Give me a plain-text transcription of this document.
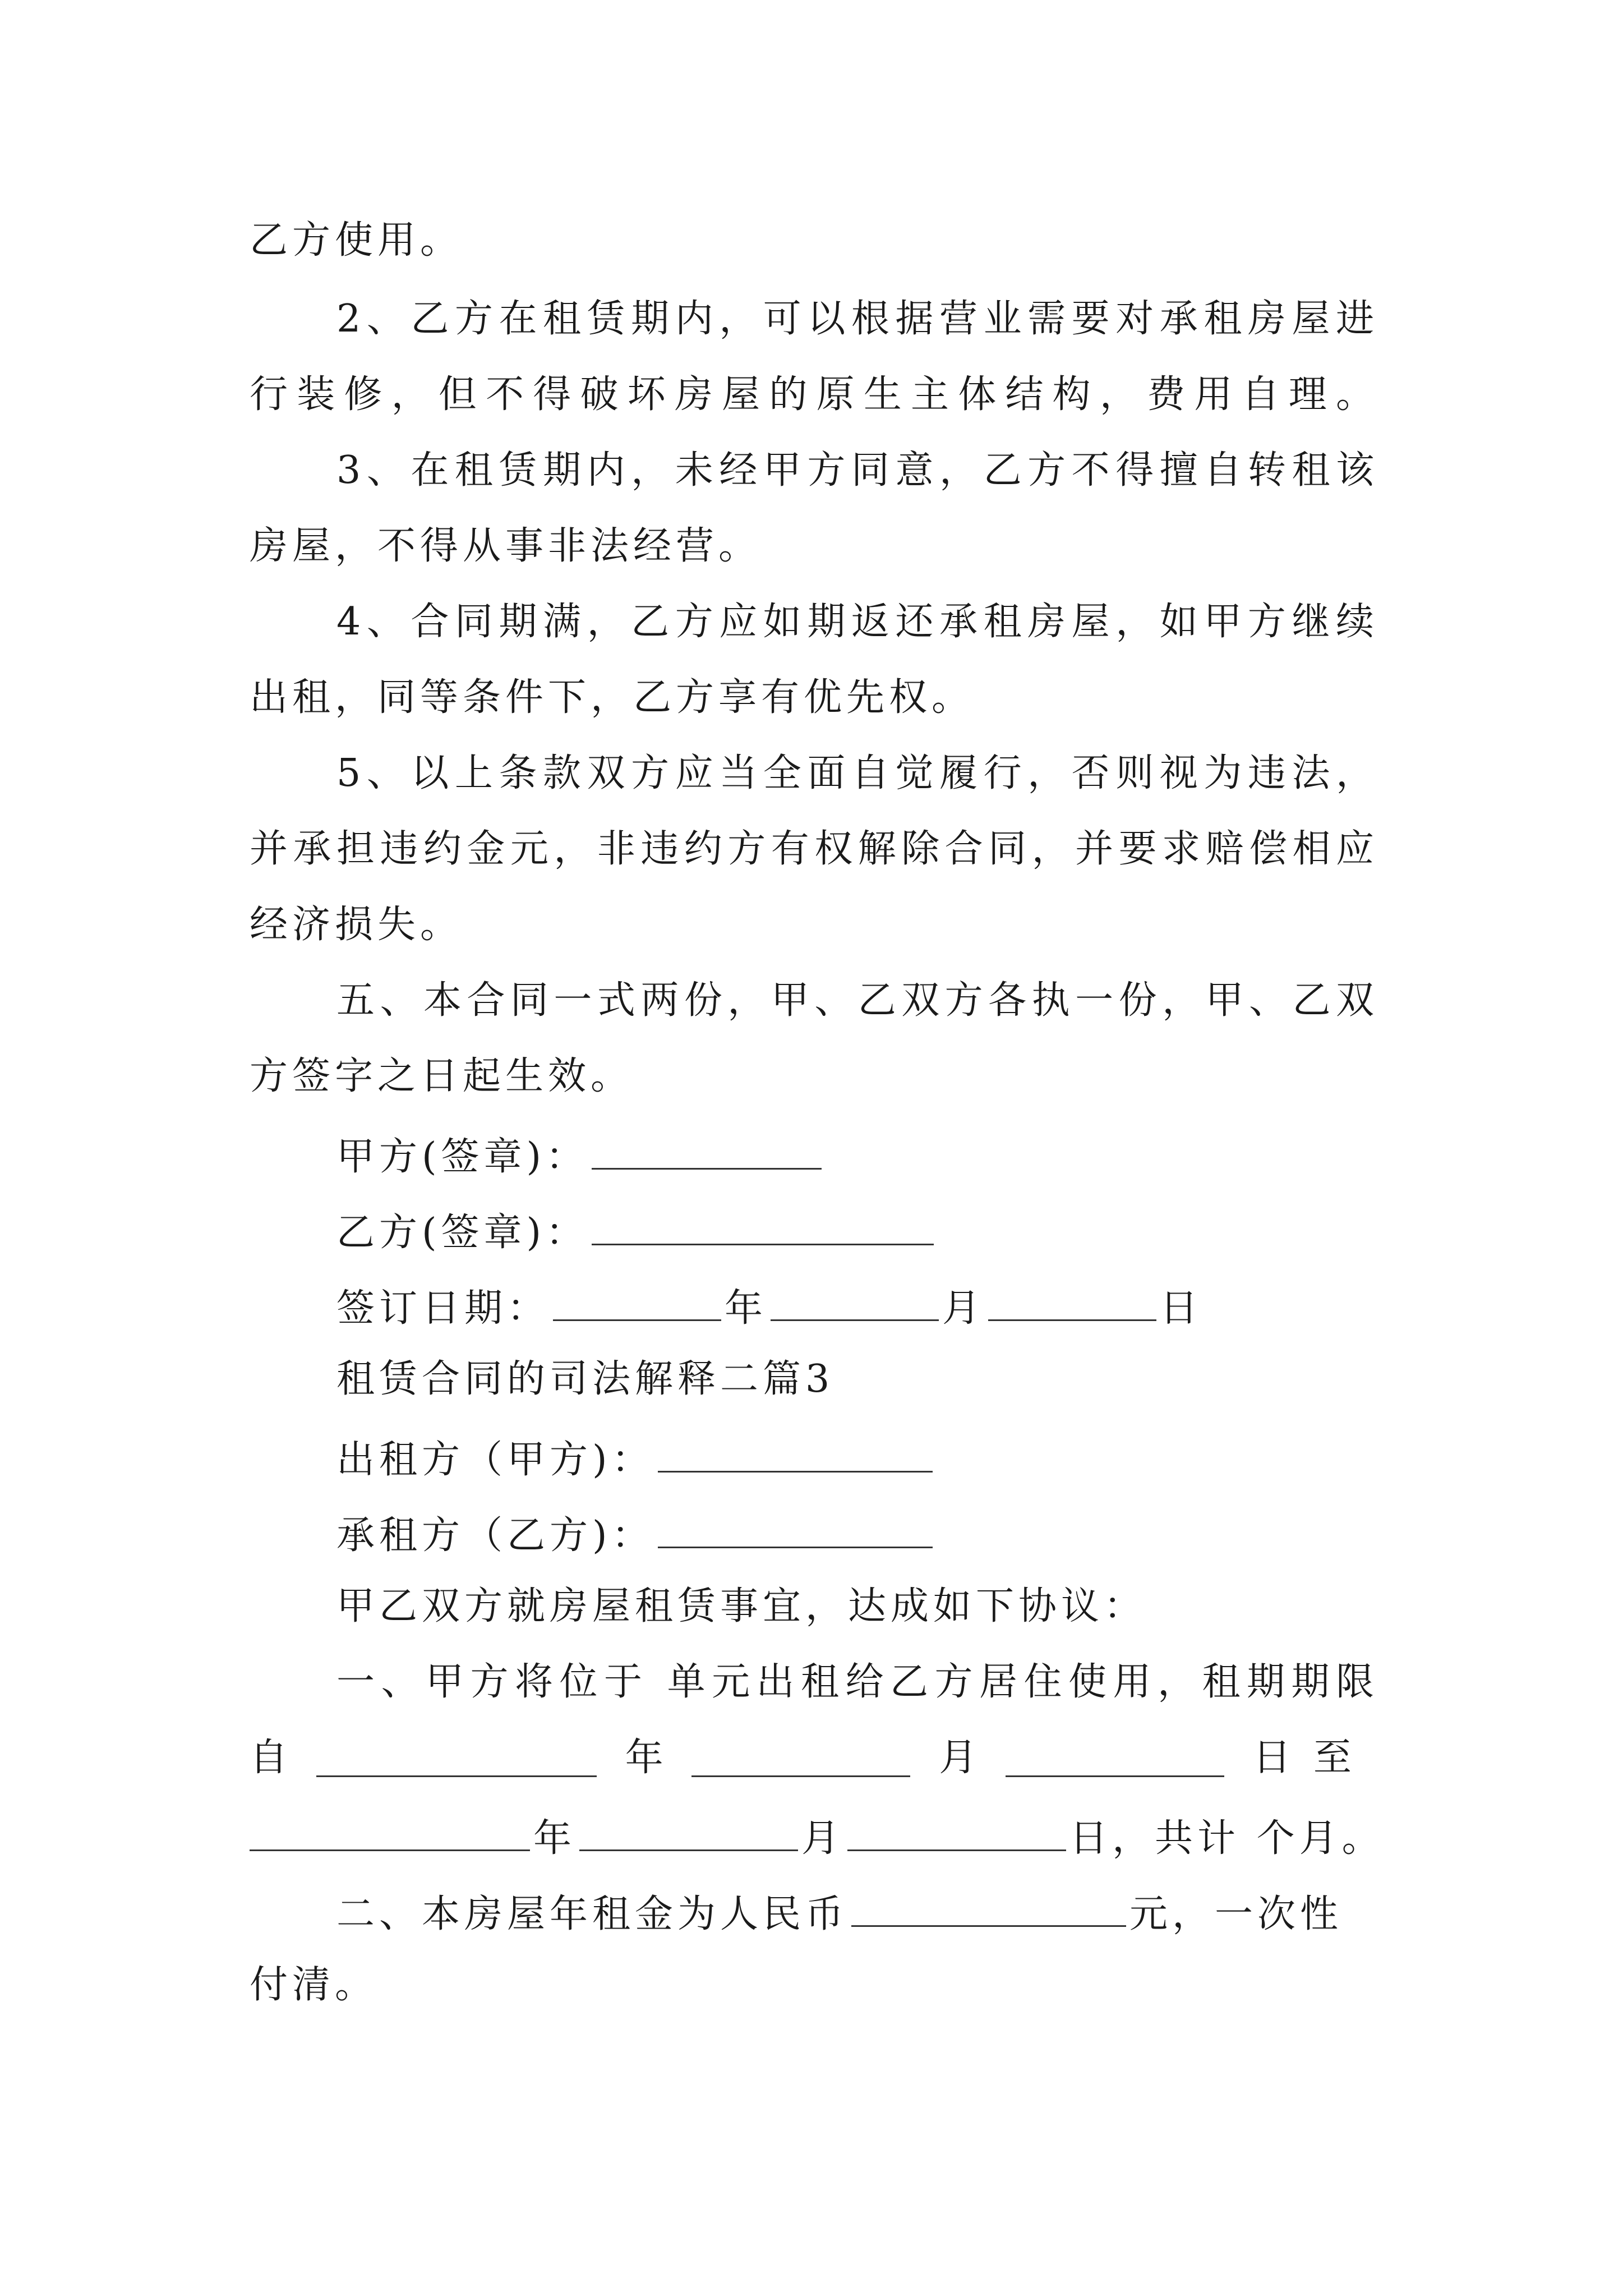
乙方使用。
2、乙方在租赁期内，可以根据营业需要对承租房屋进
行装修，但不得破坏房屋的原生主体结构，费用自理。
3、在租赁期内，未经甲方同意，乙方不得擅自转租该
房屋，不得从事非法经营。
4、合同期满，乙方应如期返还承租房屋，如甲方继续
出租，同等条件下，乙方享有优先权。
5、以上条款双方应当全面自觉履行，否则视为违法，
并承担违约金元，非违约方有权解除合同，并要求赔偿相应
经济损失。
五、本合同一式两份，甲、乙双方各执一份，甲、乙双
方签字之日起生效。
甲方(签章)：
乙方(签章)：
签订日期：	年	月	日
租赁合同的司法解释二篇3
出租方（甲方)：
承租方（乙方)：
甲乙双方就房屋租赁事宜，达成如下协议：
一、甲方将位于 单元出租给乙方居住使用，租期期限
自	年	月	日至
年	月	日，共计 个月。
二、本房屋年租金为人民币	元，一次性
付清。
